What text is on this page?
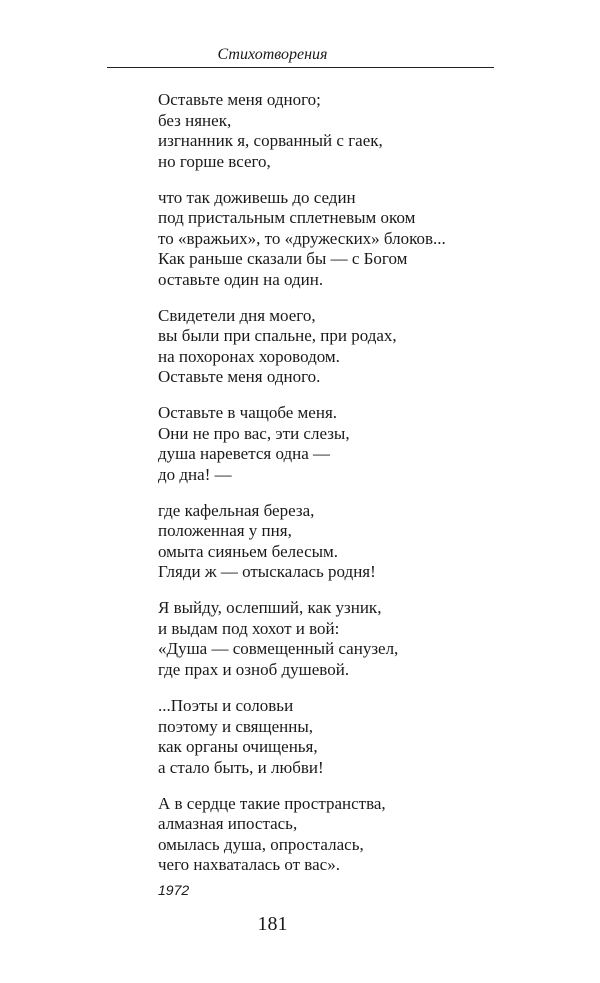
Стихотворения
Оставьте меня одного;
без нянек,
изгнанник я, сорванный с гаек,
но горше всего,
что так доживешь до седин
под пристальным сплетневым оком
то «вражьих», то «дружеских» блоков...
Как раньше сказали бы — с Богом
оставьте один на один.
Свидетели дня моего,
вы были при спальне, при родах,
на похоронах хороводом.
Оставьте меня одного.
Оставьте в чащобе меня.
Они не про вас, эти слезы,
душа наревется одна —
до дна! —
где кафельная береза,
положенная у пня,
омыта сияньем белесым.
Гляди ж — отыскалась родня!
Я выйду, ослепший, как узник,
и выдам под хохот и вой:
«Душа — совмещенный санузел,
где прах и озноб душевой.
...Поэты и соловьи
поэтому и священны,
как органы очищенья,
а стало быть, и любви!
А в сердце такие пространства,
алмазная ипостась,
омылась душа, опросталась,
чего нахваталась от вас».
1972
181
